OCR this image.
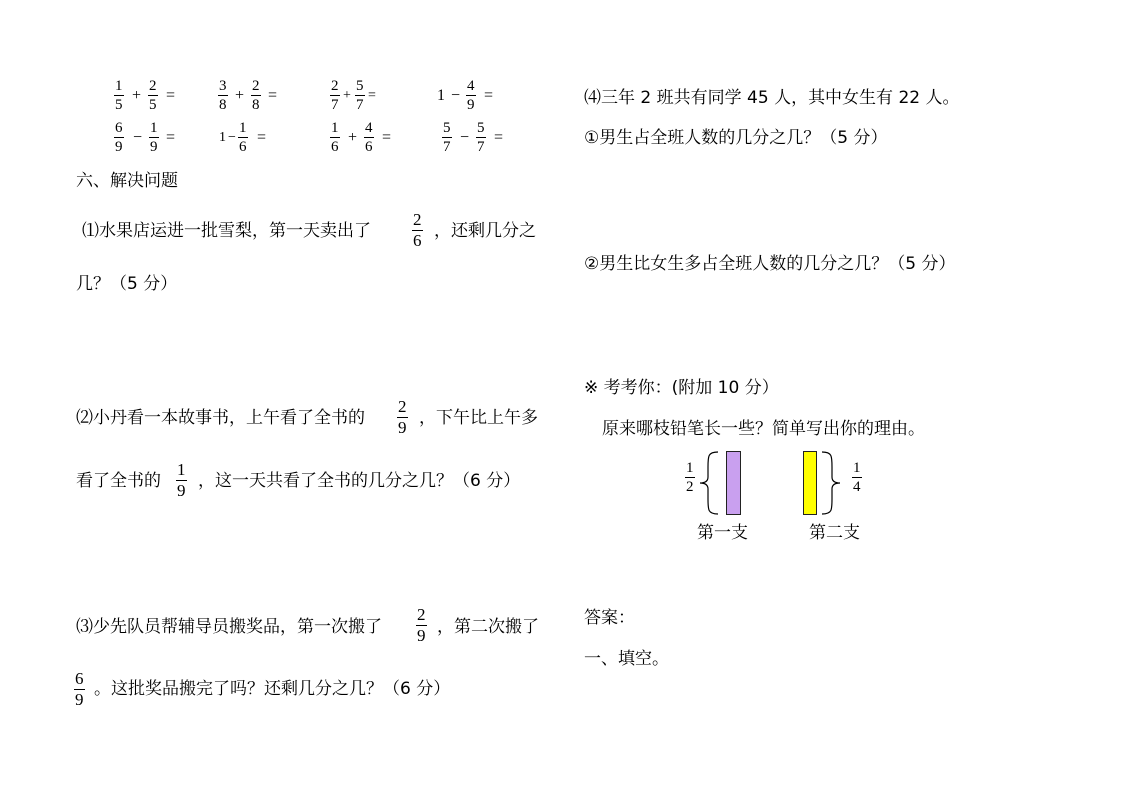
1
5
+
2
5
=
3
8
+
2
8
=
2
7
+
5
7
=	1 −
4
9
=
6
9
−
1
9
=	1 −
1
6
=
1
6
+
4
6
=
5
7
−
5
7
=
六、解决问题
⑴水果店运进一批雪梨，第一天卖出了
2
6 ，还剩几分之
几？（5 分）
⑵小丹看一本故事书，上午看了全书的
2
9 ，下午比上午多
看了全书的
1
9 ，这一天共看了全书的几分之几？（6 分）
⑶少先队员帮辅导员搬奖品，第一次搬了
2
9 ，第二次搬了
6
9
。这批奖品搬完了吗？还剩几分之几？（6 分）
⑷三年 2 班共有同学 45 人，其中女生有 22 人。
①男生占全班人数的几分之几？（5 分）
②男生比女生多占全班人数的几分之几？（5 分）
※ 考考你：(附加 10 分）
原来哪枝铅笔长一些？简单写出你的理由。
1
2
第一支
1
4
第二支
答案：
一、填空。
